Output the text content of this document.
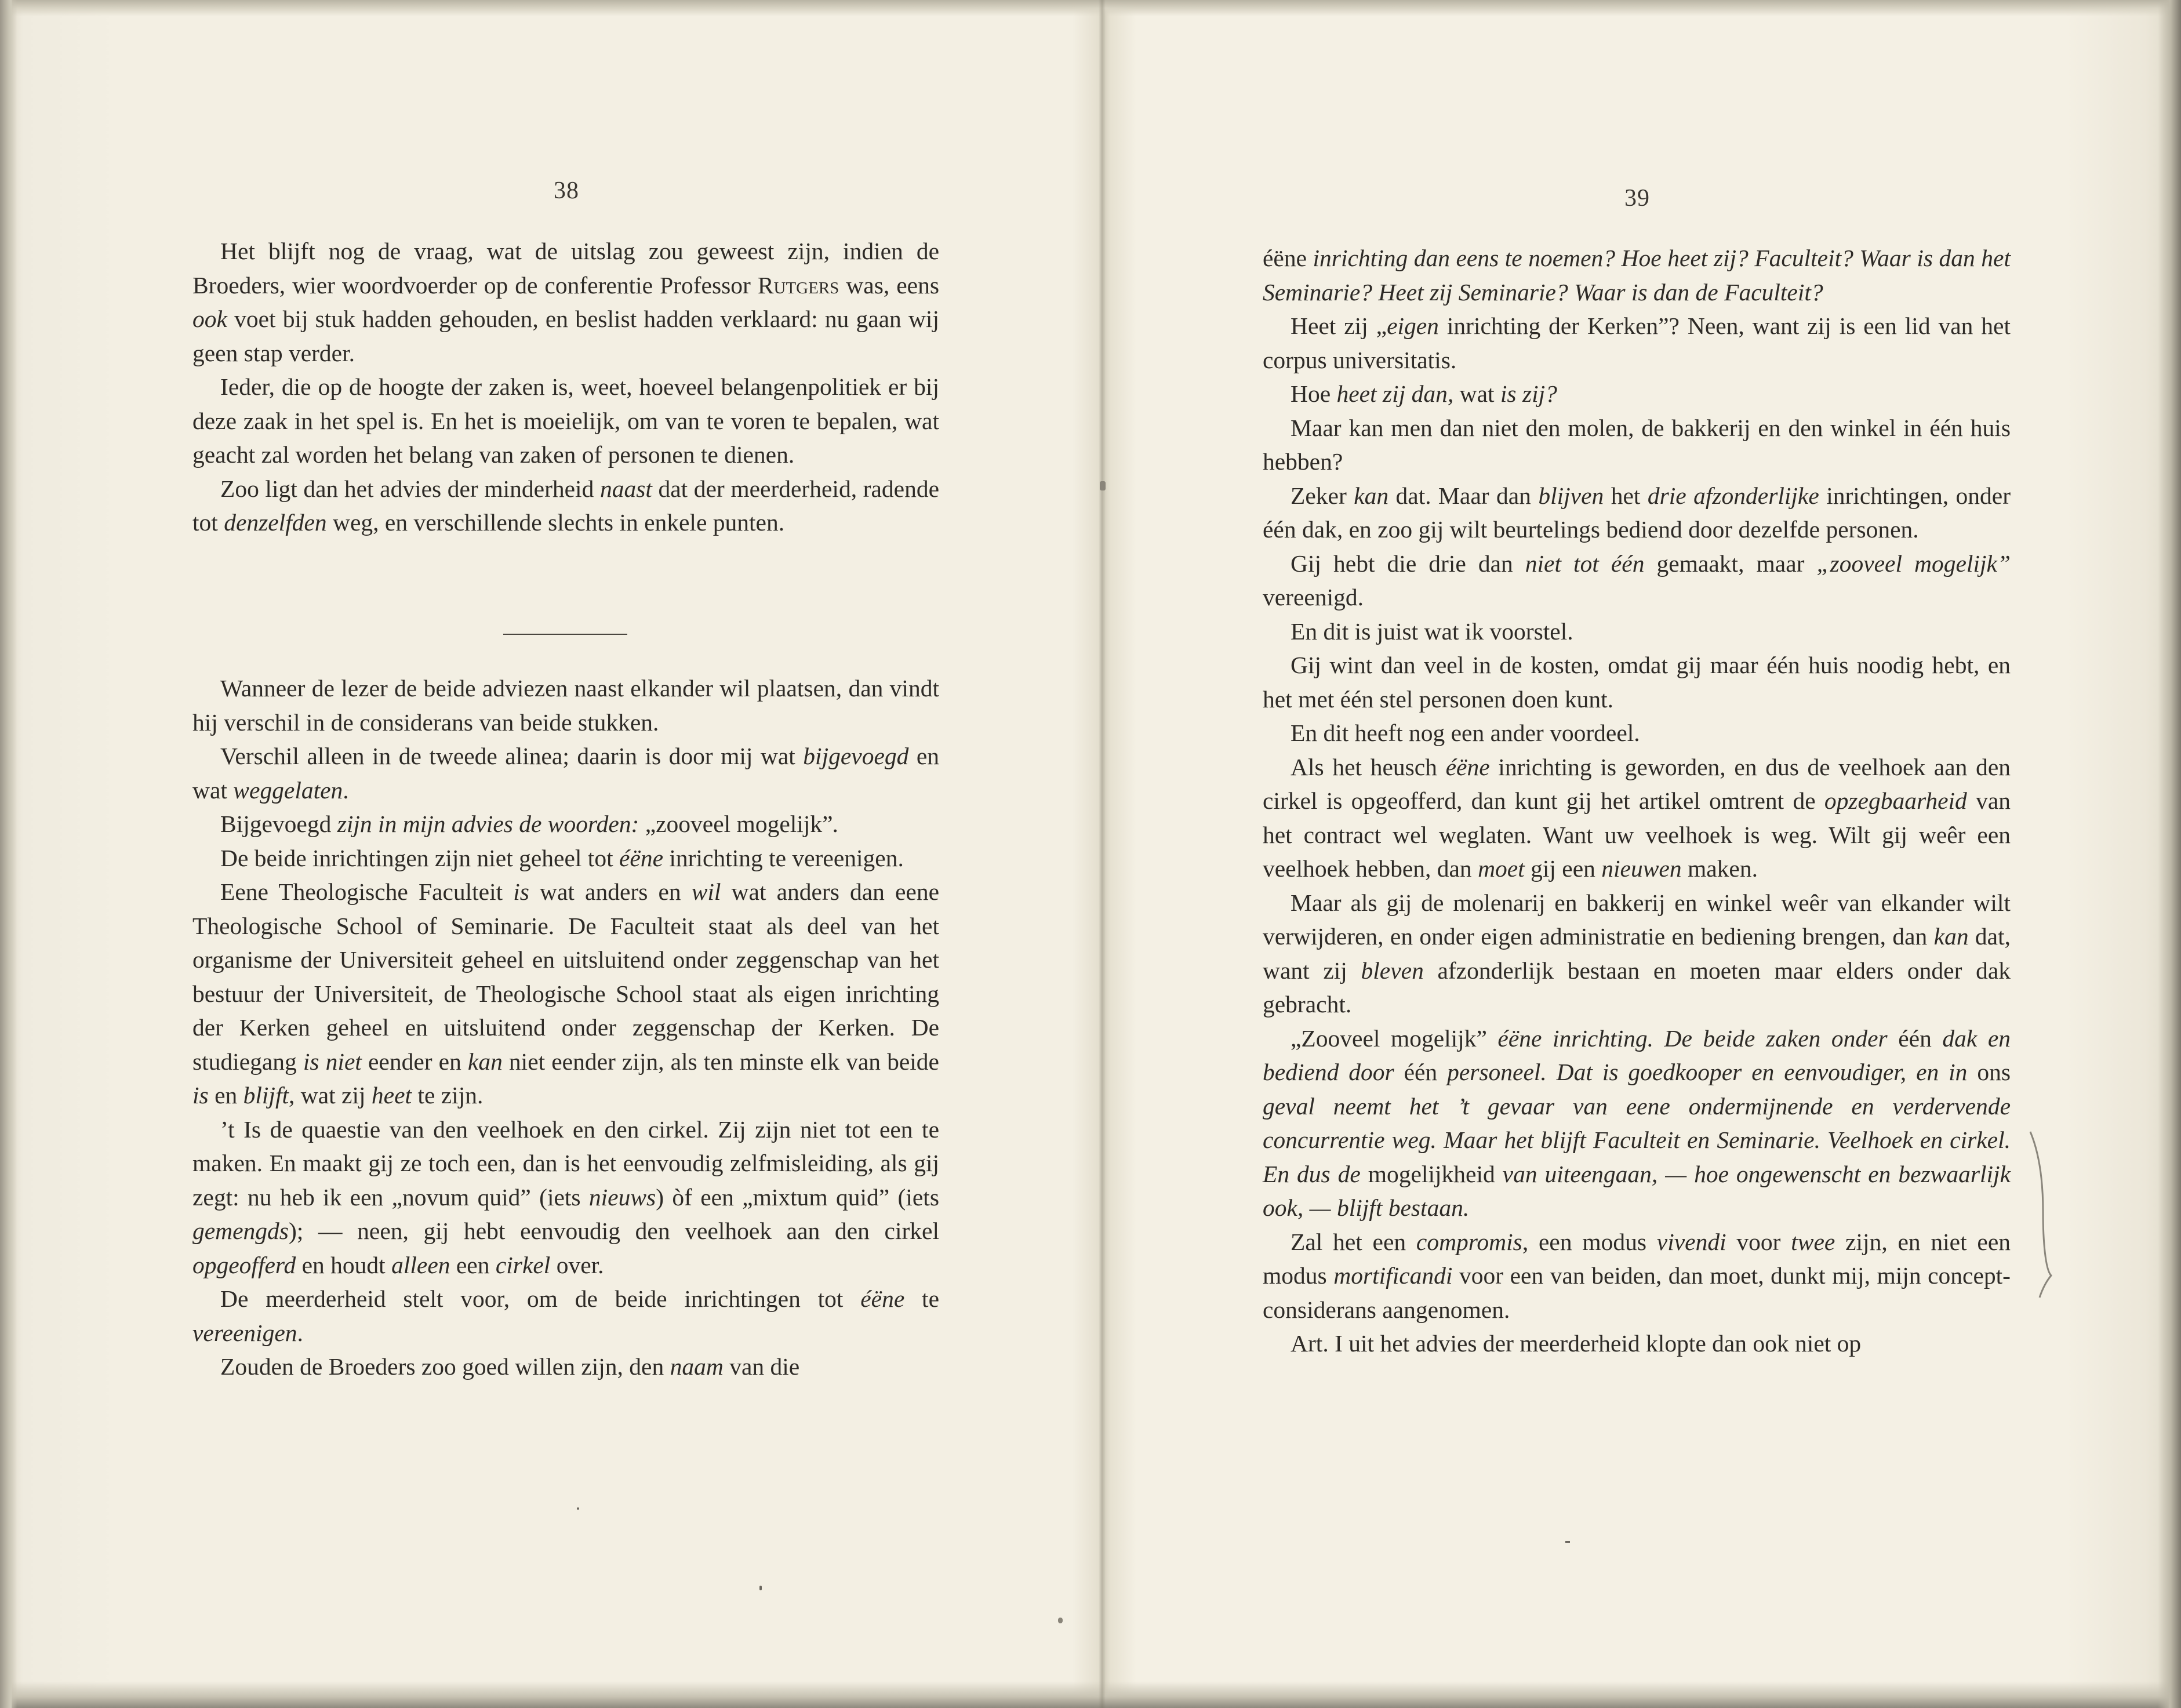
38

Het blijft nog de vraag, wat de uitslag zou geweest zijn, indien de Broeders, wier woordvoerder op de conferentie Professor Rutgers was, eens ook voet bij stuk hadden gehouden, en beslist hadden verklaard: nu gaan wij geen stap verder.

Ieder, die op de hoogte der zaken is, weet, hoeveel belangenpolitiek er bij deze zaak in het spel is. En het is moeielijk, om van te voren te bepalen, wat geacht zal worden het belang van zaken of personen te dienen.

Zoo ligt dan het advies der minderheid naast dat der meerderheid, radende tot denzelfden weg, en verschillende slechts in enkele punten.

Wanneer de lezer de beide adviezen naast elkander wil plaatsen, dan vindt hij verschil in de considerans van beide stukken.

Verschil alleen in de tweede alinea; daarin is door mij wat bijgevoegd en wat weggelaten.

Bijgevoegd zijn in mijn advies de woorden: „zooveel mogelijk”.

De beide inrichtingen zijn niet geheel tot éëne inrichting te vereenigen.

Eene Theologische Faculteit is wat anders en wil wat anders dan eene Theologische School of Seminarie. De Faculteit staat als deel van het organisme der Universiteit geheel en uitsluitend onder zeggenschap van het bestuur der Universiteit, de Theologische School staat als eigen inrichting der Kerken geheel en uitsluitend onder zeggenschap der Kerken. De studiegang is niet eender en kan niet eender zijn, als ten minste elk van beide is en blijft, wat zij heet te zijn.

’t Is de quaestie van den veelhoek en den cirkel. Zij zijn niet tot een te maken. En maakt gij ze toch een, dan is het eenvoudig zelfmisleiding, als gij zegt: nu heb ik een „novum quid” (iets nieuws) òf een „mixtum quid” (iets gemengds); — neen, gij hebt eenvoudig den veelhoek aan den cirkel opgeofferd en houdt alleen een cirkel over.

De meerderheid stelt voor, om de beide inrichtingen tot éëne te vereenigen.

Zouden de Broeders zoo goed willen zijn, den naam van die

39

éëne inrichting dan eens te noemen? Hoe heet zij? Faculteit? Waar is dan het Seminarie? Heet zij Seminarie? Waar is dan de Faculteit?

Heet zij „eigen inrichting der Kerken”? Neen, want zij is een lid van het corpus universitatis.

Hoe heet zij dan, wat is zij?

Maar kan men dan niet den molen, de bakkerij en den winkel in één huis hebben?

Zeker kan dat. Maar dan blijven het drie afzonderlijke inrichtingen, onder één dak, en zoo gij wilt beurtelings bediend door dezelfde personen.

Gij hebt die drie dan niet tot één gemaakt, maar „zooveel mogelijk” vereenigd.

En dit is juist wat ik voorstel.

Gij wint dan veel in de kosten, omdat gij maar één huis noodig hebt, en het met één stel personen doen kunt.

En dit heeft nog een ander voordeel.

Als het heusch éëne inrichting is geworden, en dus de veelhoek aan den cirkel is opgeofferd, dan kunt gij het artikel omtrent de opzegbaarheid van het contract wel weglaten. Want uw veelhoek is weg. Wilt gij weêr een veelhoek hebben, dan moet gij een nieuwen maken.

Maar als gij de molenarij en bakkerij en winkel weêr van elkander wilt verwijderen, en onder eigen administratie en bediening brengen, dan kan dat, want zij bleven afzonderlijk bestaan en moeten maar elders onder dak gebracht.

„Zooveel mogelijk” éëne inrichting. De beide zaken onder één dak en bediend door één personeel. Dat is goedkooper en eenvoudiger, en in ons geval neemt het ’t gevaar van eene ondermijnende en verdervende concurrentie weg. Maar het blijft Faculteit en Seminarie. Veelhoek en cirkel. En dus de mogelijkheid van uiteengaan, — hoe ongewenscht en bezwaarlijk ook, — blijft bestaan.

Zal het een compromis, een modus vivendi voor twee zijn, en niet een modus mortificandi voor een van beiden, dan moet, dunkt mij, mijn concept-considerans aangenomen.

Art. I uit het advies der meerderheid klopte dan ook niet op
